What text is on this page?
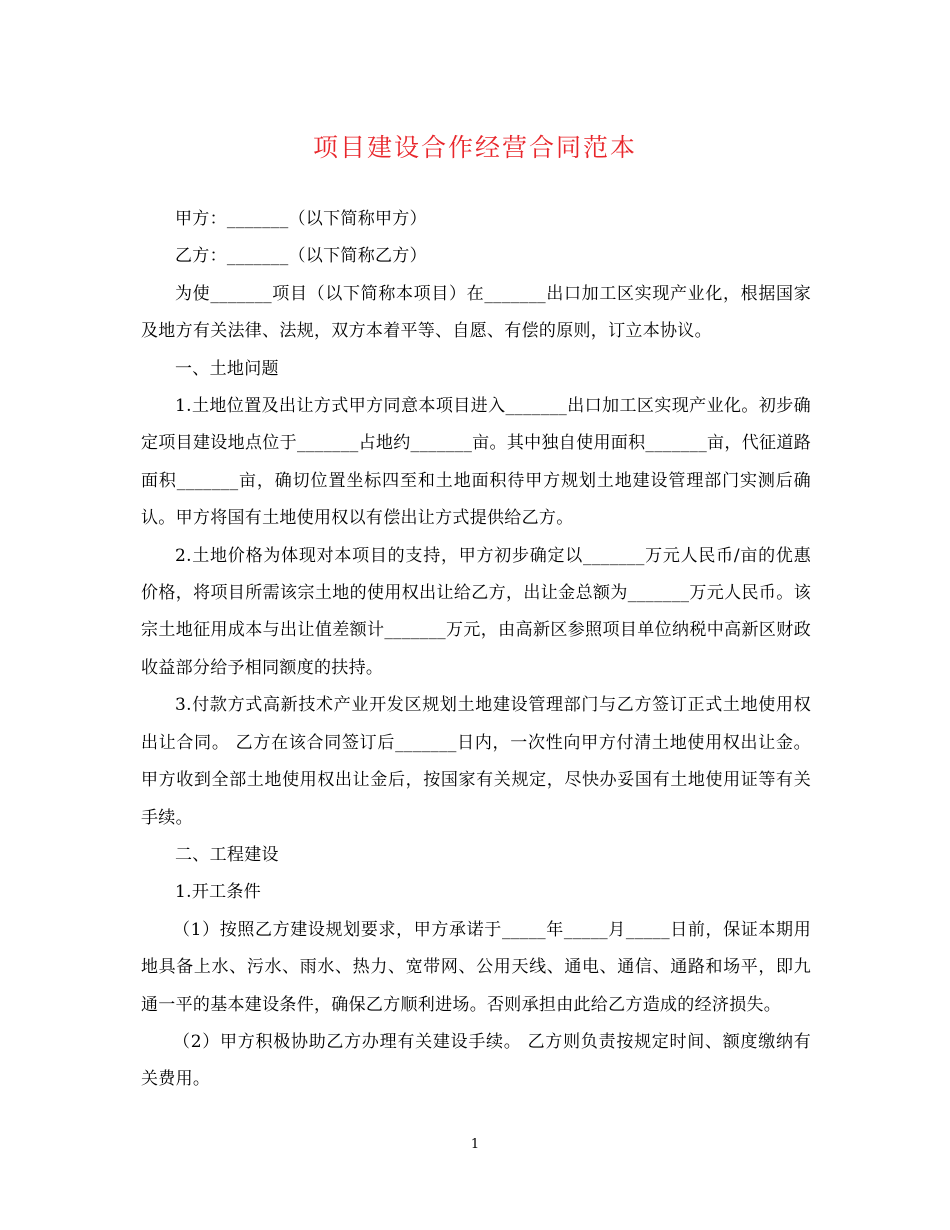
项目建设合作经营合同范本

甲方：_______（以下简称甲方）

乙方：_______（以下简称乙方）

为使_______项目（以下简称本项目）在_______出口加工区实现产业化，根据国家及地方有关法律、法规，双方本着平等、自愿、有偿的原则，订立本协议。

一、土地问题

1.土地位置及出让方式甲方同意本项目进入_______出口加工区实现产业化。初步确定项目建设地点位于_______占地约_______亩。其中独自使用面积_______亩，代征道路面积_______亩，确切位置坐标四至和土地面积待甲方规划土地建设管理部门实测后确认。甲方将国有土地使用权以有偿出让方式提供给乙方。

2.土地价格为体现对本项目的支持，甲方初步确定以_______万元人民币/亩的优惠价格，将项目所需该宗土地的使用权出让给乙方，出让金总额为_______万元人民币。该宗土地征用成本与出让值差额计_______万元，由高新区参照项目单位纳税中高新区财政收益部分给予相同额度的扶持。

3.付款方式高新技术产业开发区规划土地建设管理部门与乙方签订正式土地使用权出让合同。 乙方在该合同签订后_______日内，一次性向甲方付清土地使用权出让金。甲方收到全部土地使用权出让金后，按国家有关规定，尽快办妥国有土地使用证等有关手续。

二、工程建设

1.开工条件

（1）按照乙方建设规划要求，甲方承诺于_____年_____月_____日前，保证本期用地具备上水、污水、雨水、热力、宽带网、公用天线、通电、通信、通路和场平，即九通一平的基本建设条件，确保乙方顺利进场。否则承担由此给乙方造成的经济损失。

（2）甲方积极协助乙方办理有关建设手续。 乙方则负责按规定时间、额度缴纳有关费用。

1
